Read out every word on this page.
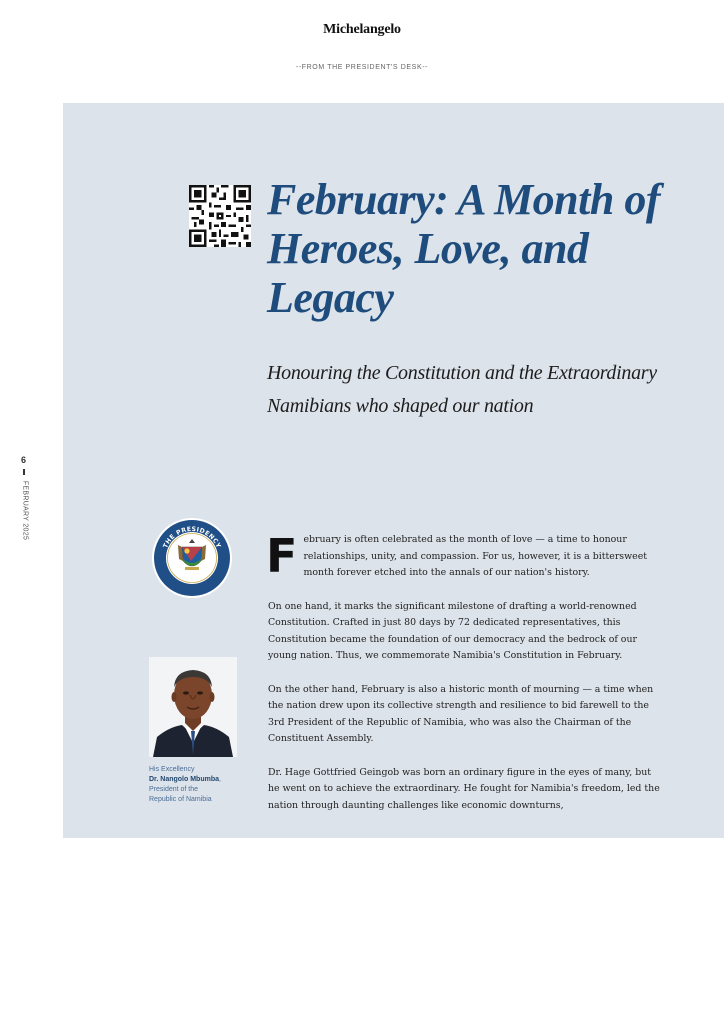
Michelangelo
--FROM THE PRESIDENT'S DESK--
6
FEBRUARY 2025
February: A Month of Heroes, Love, and Legacy
Honouring the Constitution and the Extraordinary Namibians who shaped our nation
THE PRESIDENCY
NAMIBIA
His Excellency
Dr. Nangolo Mbumba,
President of the
Republic of Namibia

February is often celebrated as the month of love — a time to honour relationships, unity, and compassion. For us, however, it is a bittersweet month forever etched into the annals of our nation's history.

On one hand, it marks the significant milestone of drafting a world-renowned Constitution. Crafted in just 80 days by 72 dedicated representatives, this Constitution became the foundation of our democracy and the bedrock of our young nation. Thus, we commemorate Namibia's Constitution in February.

On the other hand, February is also a historic month of mourning — a time when the nation drew upon its collective strength and resilience to bid farewell to the 3rd President of the Republic of Namibia, who was also the Chairman of the Constituent Assembly.

Dr. Hage Gottfried Geingob was born an ordinary figure in the eyes of many, but he went on to achieve the extraordinary. He fought for Namibia's freedom, led the nation through daunting challenges like economic downturns,
